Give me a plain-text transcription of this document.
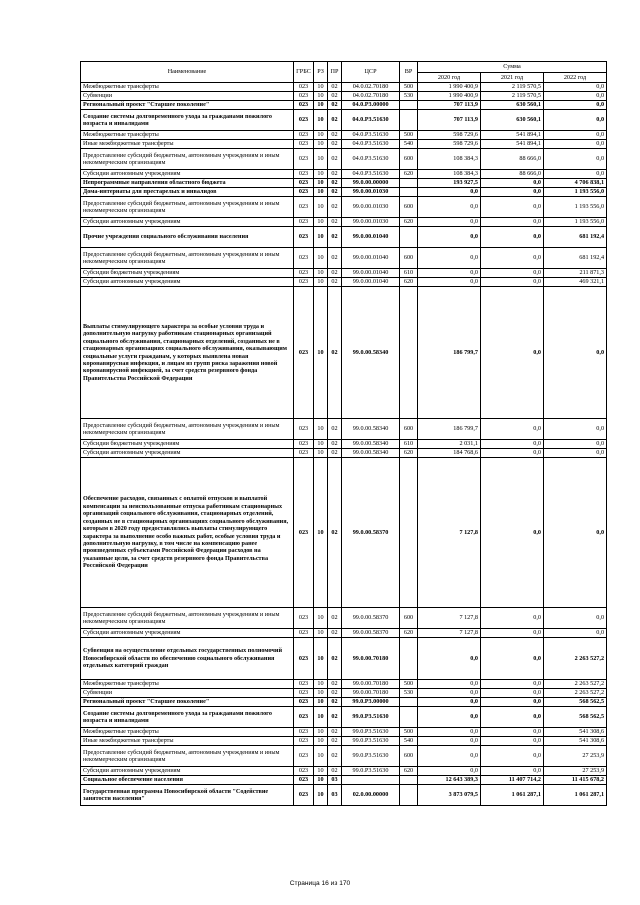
Наименование	ГРБС	РЗ	ПР	ЦСР	ВР	Сумма		
						2020 год	2021 год	2022 год
Межбюджетные трансферты	023	10	02	04.0.02.70180	500	1 990 400,9	2 119 570,5	0,0
Субвенции	023	10	02	04.0.02.70180	530	1 990 400,9	2 119 570,5	0,0
Региональный проект "Старшее поколение"	023	10	02	04.0.P3.00000		707 113,9	630 560,1	0,0
Создание системы долговременного ухода за гражданами пожилого возраста и инвалидами	023	10	02	04.0.P3.51630		707 113,9	630 560,1	0,0
Межбюджетные трансферты	023	10	02	04.0.P3.51630	500	598 729,6	541 894,1	0,0
Иные межбюджетные трансферты	023	10	02	04.0.P3.51630	540	598 729,6	541 894,1	0,0
Предоставление субсидий бюджетным, автономным учреждениям и иным некоммерческим организациям	023	10	02	04.0.P3.51630	600	108 384,3	88 666,0	0,0
Субсидии автономным учреждениям	023	10	02	04.0.P3.51630	620	108 384,3	88 666,0	0,0
Непрограммные направления областного бюджета	023	10	02	99.0.00.00000		193 927,5	0,0	4 706 838,1
Дома-интернаты для престарелых и инвалидов	023	10	02	99.0.00.01030		0,0	0,0	1 193 556,0
Предоставление субсидий бюджетным, автономным учреждениям и иным некоммерческим организациям	023	10	02	99.0.00.01030	600	0,0	0,0	1 193 556,0
Субсидии автономным учреждениям	023	10	02	99.0.00.01030	620	0,0	0,0	1 193 556,0
Прочие учреждения социального обслуживания населения	023	10	02	99.0.00.01040		0,0	0,0	681 192,4
Предоставление субсидий бюджетным, автономным учреждениям и иным некоммерческим организациям	023	10	02	99.0.00.01040	600	0,0	0,0	681 192,4
Субсидии бюджетным учреждениям	023	10	02	99.0.00.01040	610	0,0	0,0	211 871,3
Субсидии автономным учреждениям	023	10	02	99.0.00.01040	620	0,0	0,0	469 321,1
Выплаты стимулирующего характера за особые условия труда и дополнительную нагрузку работникам стационарных организаций социального обслуживания, стационарных отделений, созданных не в стационарных организациях социального обслуживания, оказывающим социальные услуги гражданам, у которых выявлена новая коронавирусная инфекция, и лицам из групп риска заражения новой коронавирусной инфекцией, за счет средств резервного фонда Правительства Российской Федерации	023	10	02	99.0.00.58340		186 799,7	0,0	0,0
Предоставление субсидий бюджетным, автономным учреждениям и иным некоммерческим организациям	023	10	02	99.0.00.58340	600	186 799,7	0,0	0,0
Субсидии бюджетным учреждениям	023	10	02	99.0.00.58340	610	2 031,1	0,0	0,0
Субсидии автономным учреждениям	023	10	02	99.0.00.58340	620	184 768,6	0,0	0,0
Обеспечение расходов, связанных с оплатой отпусков и выплатой компенсации за неиспользованные отпуска работникам стационарных организаций социального обслуживания, стационарных отделений, созданных не в стационарных организациях социального обслуживания, которым в 2020 году предоставлялись выплаты стимулирующего характера за выполнение особо важных работ, особые условия труда и дополнительную нагрузку, в том числе на компенсацию ранее произведенных субъектами Российской Федерации расходов на указанные цели, за счет средств резервного фонда Правительства Российской Федерации	023	10	02	99.0.00.58370		7 127,8	0,0	0,0
Предоставление субсидий бюджетным, автономным учреждениям и иным некоммерческим организациям	023	10	02	99.0.00.58370	600	7 127,8	0,0	0,0
Субсидии автономным учреждениям	023	10	02	99.0.00.58370	620	7 127,8	0,0	0,0
Субвенция на осуществление отдельных государственных полномочий Новосибирской области по обеспечению социального обслуживания отдельных категорий граждан	023	10	02	99.0.00.70180		0,0	0,0	2 263 527,2
Межбюджетные трансферты	023	10	02	99.0.00.70180	500	0,0	0,0	2 263 527,2
Субвенции	023	10	02	99.0.00.70180	530	0,0	0,0	2 263 527,2
Региональный проект "Старшее поколение"	023	10	02	99.0.P3.00000		0,0	0,0	568 562,5
Создание системы долговременного ухода за гражданами пожилого возраста и инвалидами	023	10	02	99.0.P3.51630		0,0	0,0	568 562,5
Межбюджетные трансферты	023	10	02	99.0.P3.51630	500	0,0	0,0	541 308,6
Иные межбюджетные трансферты	023	10	02	99.0.P3.51630	540	0,0	0,0	541 308,6
Предоставление субсидий бюджетным, автономным учреждениям и иным некоммерческим организациям	023	10	02	99.0.P3.51630	600	0,0	0,0	27 253,9
Субсидии автономным учреждениям	023	10	02	99.0.P3.51630	620	0,0	0,0	27 253,9
Социальное обеспечение населения	023	10	03			12 643 389,3	11 407 714,2	11 415 678,2
Государственная программа Новосибирской области "Содействие занятости населения"	023	10	03	02.0.00.00000		3 873 079,5	1 061 287,1	1 061 287,1
Страница 16 из 170
